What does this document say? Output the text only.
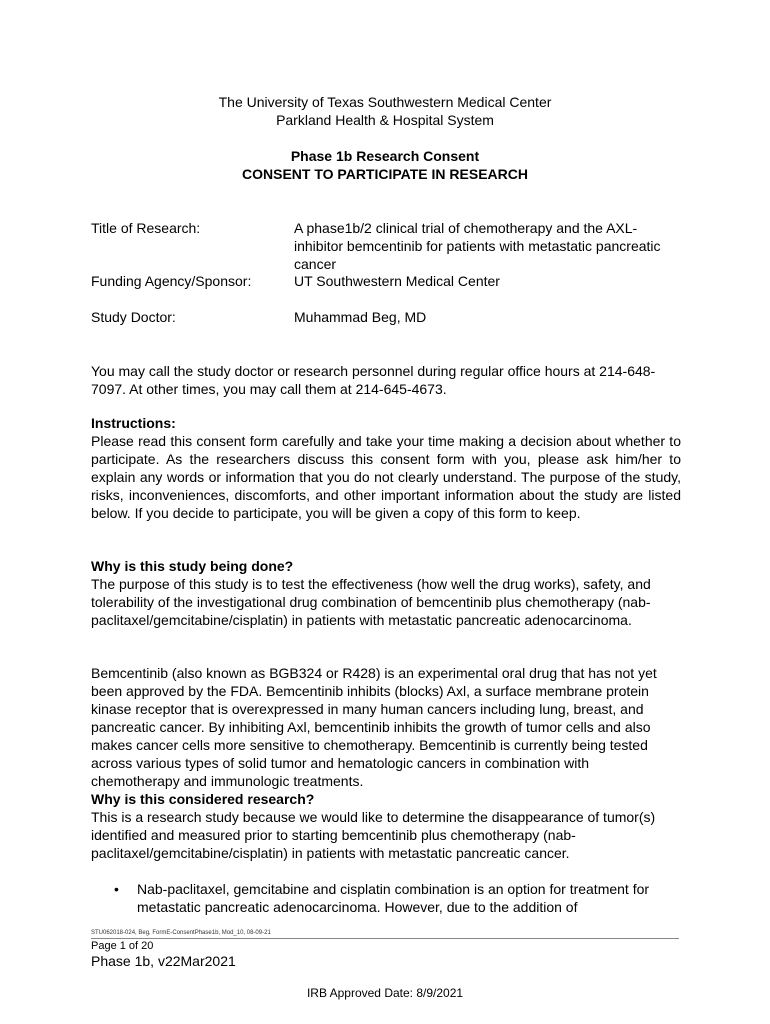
The University of Texas Southwestern Medical Center
Parkland Health & Hospital System
Phase 1b Research Consent
CONSENT TO PARTICIPATE IN RESEARCH
Title of Research:	A phase1b/2 clinical trial of chemotherapy and the AXL-inhibitor bemcentinib for patients with metastatic pancreatic cancer
Funding Agency/Sponsor:	UT Southwestern Medical Center
Study Doctor:	Muhammad Beg, MD
You may call the study doctor or research personnel during regular office hours at 214-648-7097. At other times, you may call them at 214-645-4673.
Instructions:
Please read this consent form carefully and take your time making a decision about whether to participate. As the researchers discuss this consent form with you, please ask him/her to explain any words or information that you do not clearly understand. The purpose of the study, risks, inconveniences, discomforts, and other important information about the study are listed below. If you decide to participate, you will be given a copy of this form to keep.
Why is this study being done?
The purpose of this study is to test the effectiveness (how well the drug works), safety, and tolerability of the investigational drug combination of bemcentinib plus chemotherapy (nab-paclitaxel/gemcitabine/cisplatin) in patients with metastatic pancreatic adenocarcinoma.
Bemcentinib (also known as BGB324 or R428) is an experimental oral drug that has not yet been approved by the FDA. Bemcentinib inhibits (blocks) Axl, a surface membrane protein kinase receptor that is overexpressed in many human cancers including lung, breast, and pancreatic cancer. By inhibiting Axl, bemcentinib inhibits the growth of tumor cells and also makes cancer cells more sensitive to chemotherapy. Bemcentinib is currently being tested across various types of solid tumor and hematologic cancers in combination with chemotherapy and immunologic treatments.
Why is this considered research?
This is a research study because we would like to determine the disappearance of tumor(s) identified and measured prior to starting bemcentinib plus chemotherapy (nab-paclitaxel/gemcitabine/cisplatin) in patients with metastatic pancreatic cancer.
• Nab-paclitaxel, gemcitabine and cisplatin combination is an option for treatment for metastatic pancreatic adenocarcinoma. However, due to the addition of
STU062018-024, Beg, FormE-ConsentPhase1b, Mod_10, 08-09-21
Page 1 of 20
Phase 1b, v22Mar2021
IRB Approved Date: 8/9/2021
